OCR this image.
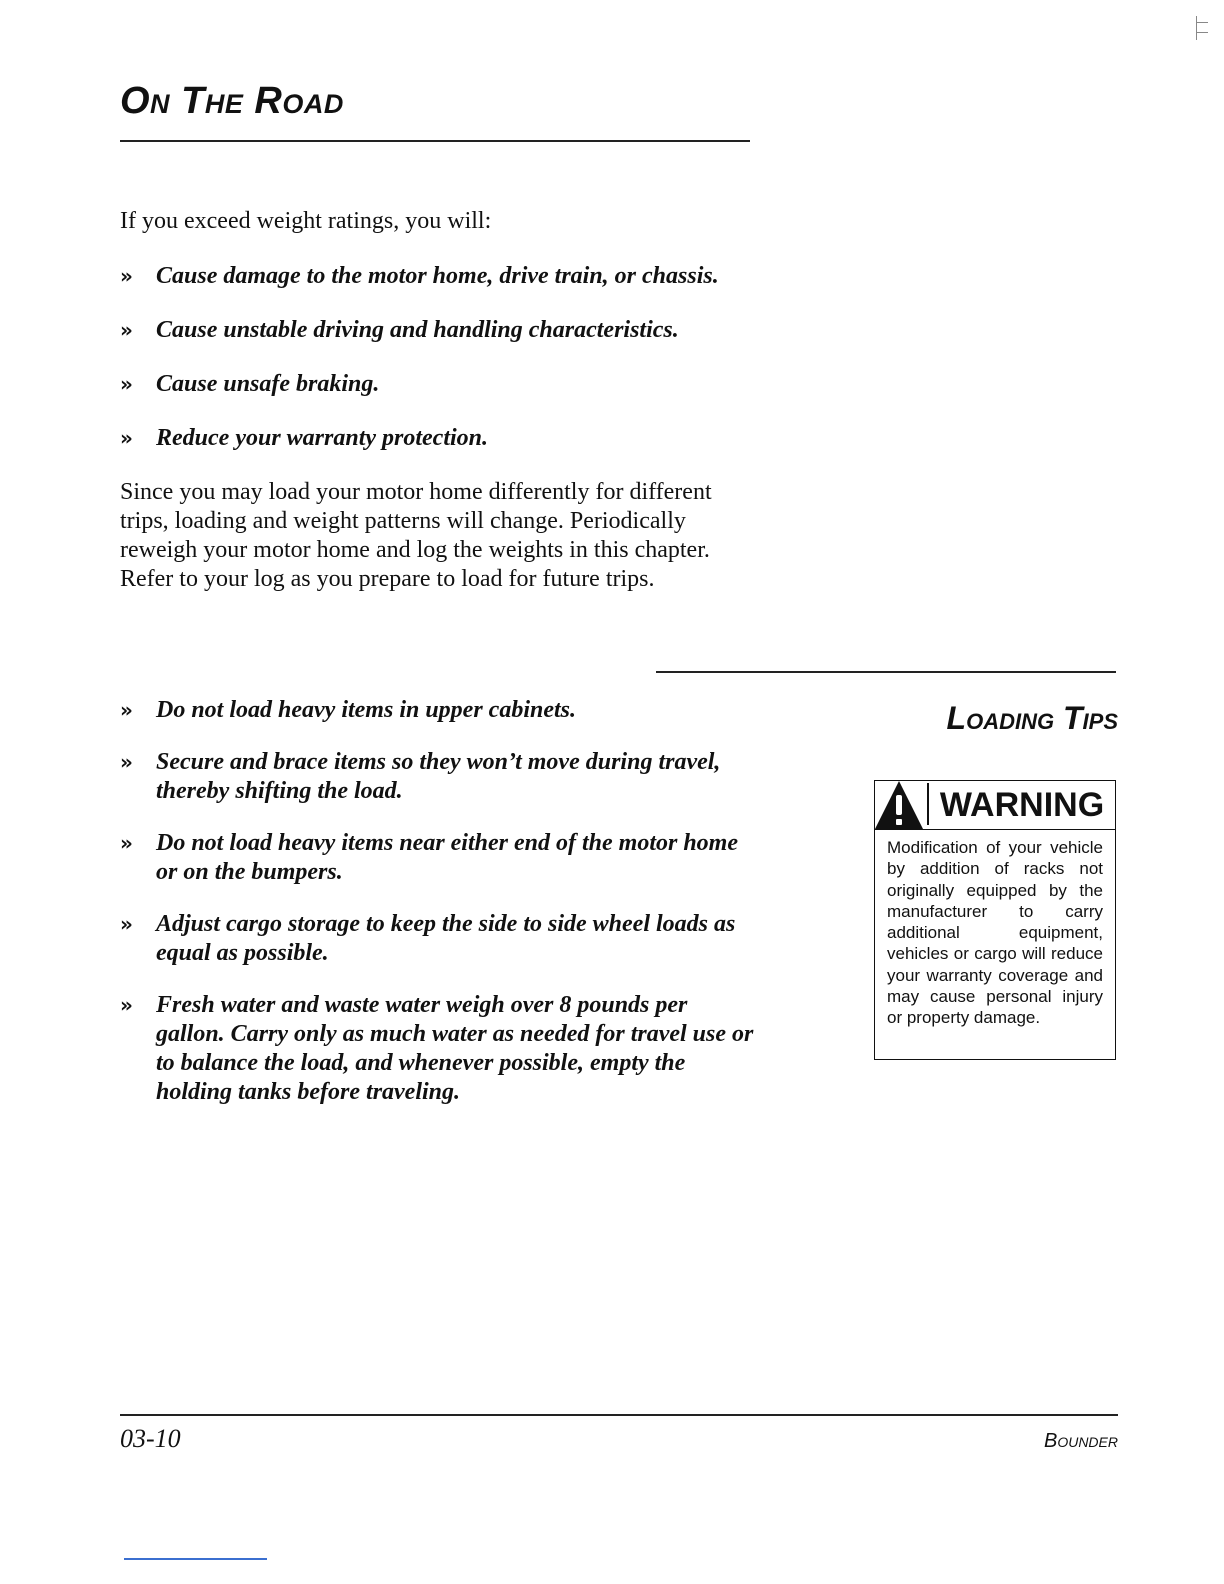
On The Road

If you exceed weight ratings, you will:

» Cause damage to the motor home, drive train, or chassis.
» Cause unstable driving and handling characteristics.
» Cause unsafe braking.
» Reduce your warranty protection.

Since you may load your motor home differently for different trips, loading and weight patterns will change. Periodically reweigh your motor home and log the weights in this chapter. Refer to your log as you prepare to load for future trips.

Loading Tips
» Do not load heavy items in upper cabinets.
» Secure and brace items so they won’t move during travel, thereby shifting the load.
» Do not load heavy items near either end of the motor home or on the bumpers.
» Adjust cargo storage to keep the side to side wheel loads as equal as possible.
» Fresh water and waste water weigh over 8 pounds per gallon. Carry only as much water as needed for travel use or to balance the load, and whenever possible, empty the holding tanks before traveling.
WARNING

Modification of your vehicle by addition of racks not originally equipped by the manufacturer to carry additional equipment, vehicles or cargo will reduce your warranty coverage and may cause personal injury or property damage.

03-10	Bounder
